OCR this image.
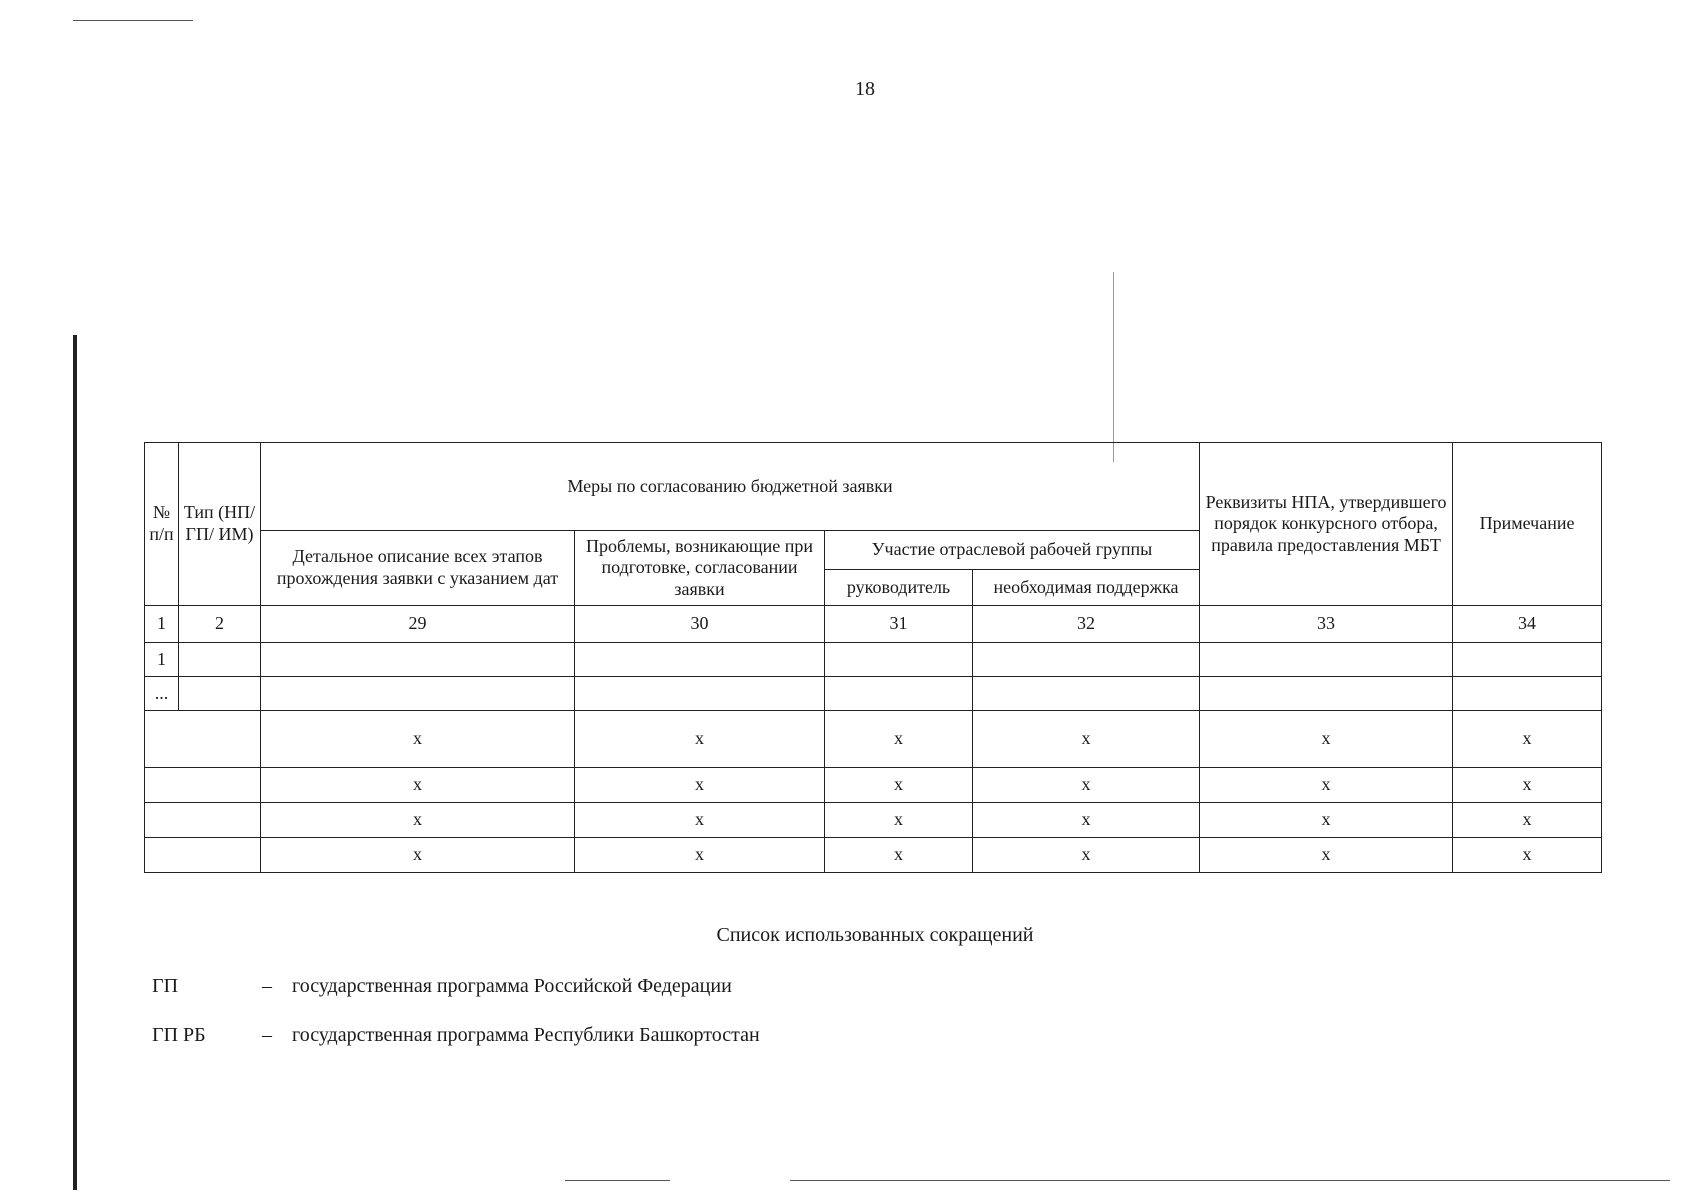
18
№ п/п	Тип (НП/ГП/ ИМ)	Меры по согласованию бюджетной заявки				Реквизиты НПА, утвердившего порядок конкурсного отбора, правила предоставления МБТ	Примечание
		Детальное описание всех этапов прохождения заявки с указанием дат	Проблемы, возникающие при подготовке, согласовании заявки	Участие отраслевой рабочей группы			
				руководитель	необходимая поддержка		
1	2	29	30	31	32	33	34
1							
...							
		х	х	х	х	х	х
		х	х	х	х	х	х
		х	х	х	х	х	х
		х	х	х	х	х	х
Список использованных сокращений
ГП	– государственная программа Российской Федерации
ГП РБ	– государственная программа Республики Башкортостан
